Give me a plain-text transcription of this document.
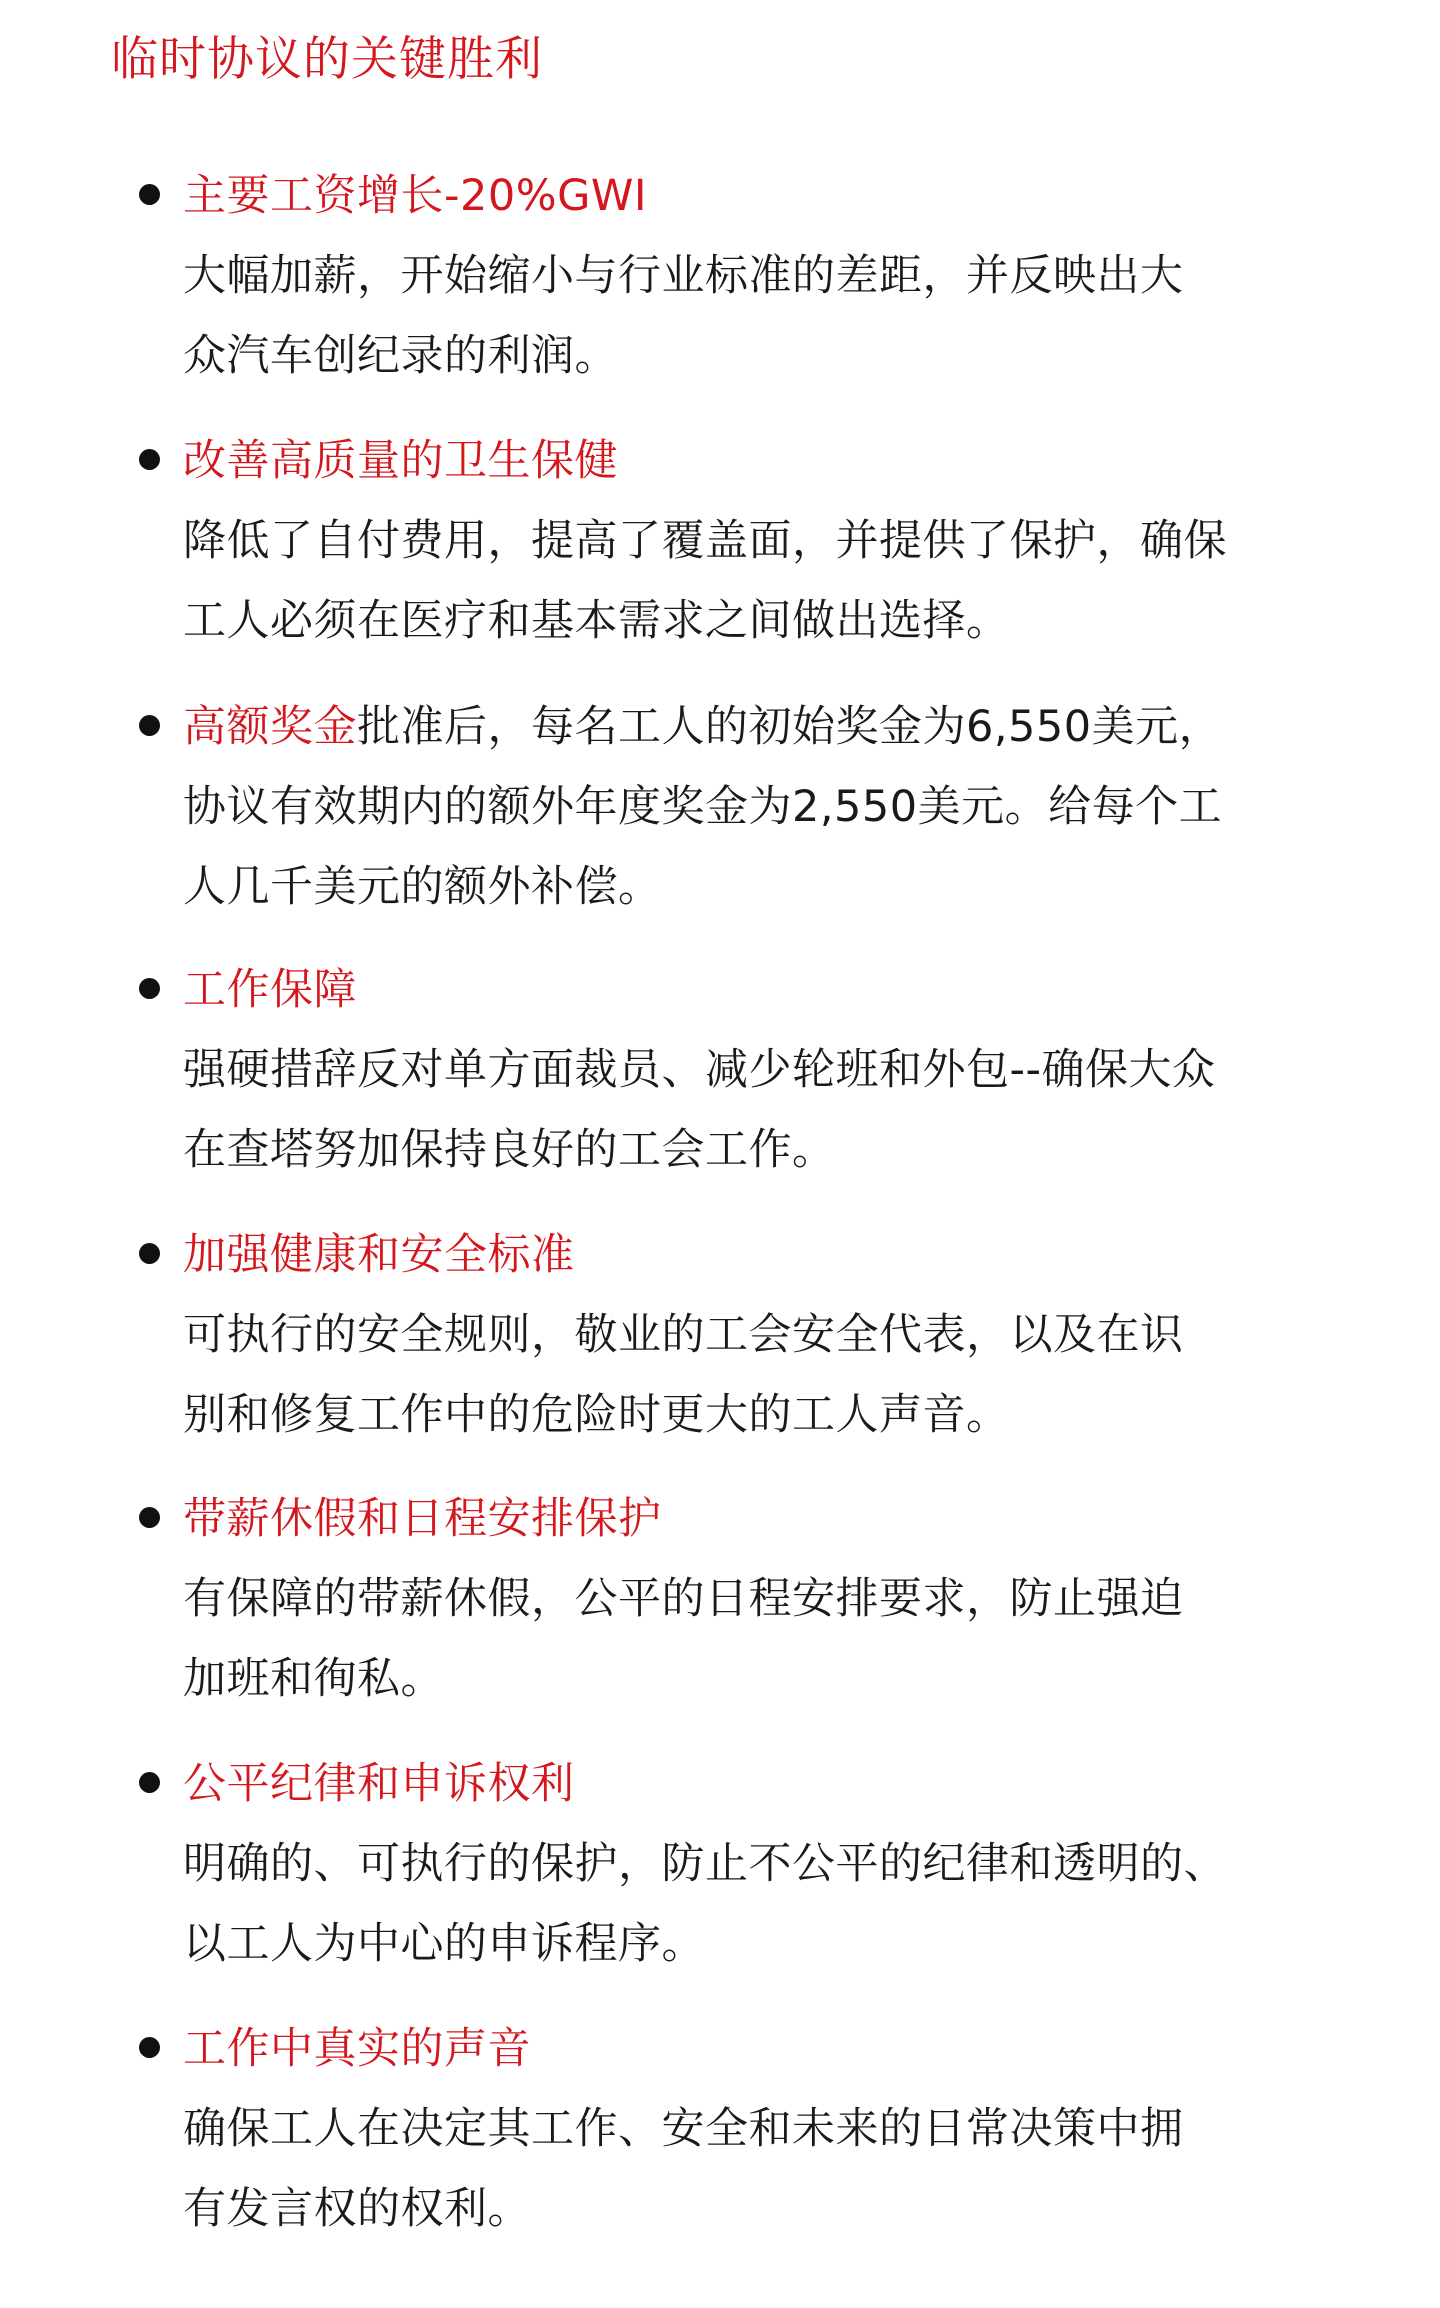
临时协议的关键胜利
主要工资增长-20%GWI
大幅加薪，开始缩小与行业标准的差距，并反映出大
众汽车创纪录的利润。
改善高质量的卫生保健
降低了自付费用，提高了覆盖面，并提供了保护，确保
工人必须在医疗和基本需求之间做出选择。
高额奖金批准后，每名工人的初始奖金为6,550美元，
协议有效期内的额外年度奖金为2,550美元。给每个工
人几千美元的额外补偿。
工作保障
强硬措辞反对单方面裁员、减少轮班和外包--确保大众
在查塔努加保持良好的工会工作。
加强健康和安全标准
可执行的安全规则，敬业的工会安全代表，以及在识
别和修复工作中的危险时更大的工人声音。
带薪休假和日程安排保护
有保障的带薪休假，公平的日程安排要求，防止强迫
加班和徇私。
公平纪律和申诉权利
明确的、可执行的保护，防止不公平的纪律和透明的、
以工人为中心的申诉程序。
工作中真实的声音
确保工人在决定其工作、安全和未来的日常决策中拥
有发言权的权利。
